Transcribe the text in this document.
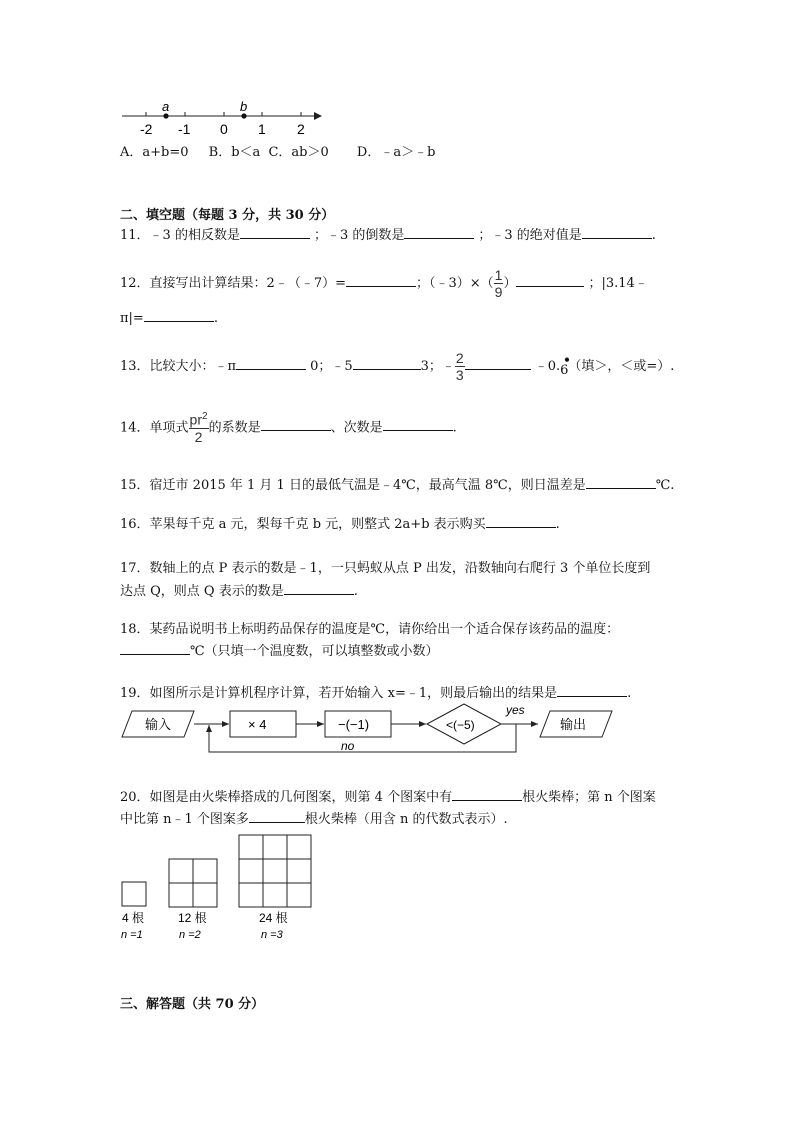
a	b
-2 -1 0 1 2
A．a+b=0 B．b＜a C．ab＞0 D．﹣a＞﹣b
二、填空题（每题 3 分，共 30 分）
11．﹣3 的相反数是	；﹣3 的倒数是	；﹣3 的绝对值是	.
12．直接写出计算结果：2﹣（﹣7）=	；（﹣3）×（ $\frac{1}{9}$ ）	；|3.14﹣
π|=	.
13．比较大小：﹣π	0；﹣5	3；﹣ $\frac{2}{3}$	﹣0. •
6（填＞，＜或=）.
14．单项式 $\frac{pr^2}{2}$ 的系数是	、次数是	.
15．宿迁市 2015 年 1 月 1 日的最低气温是﹣4℃，最高气温 8℃，则日温差是	℃.
16．苹果每千克 a 元，梨每千克 b 元，则整式 2a+b 表示购买	.
17．数轴上的点 P 表示的数是﹣1，一只蚂蚁从点 P 出发，沿数轴向右爬行 3 个单位长度到
达点 Q，则点 Q 表示的数是	.
18．某药品说明书上标明药品保存的温度是℃，请你给出一个适合保存该药品的温度：
℃（只填一个温度数，可以填整数或小数）
19．如图所示是计算机程序计算，若开始输入 x=﹣1，则最后输出的结果是	.
输入	× 4	−(−1)	<(−5)
yes
输出
no
20．如图是由火柴棒搭成的几何图案，则第 4 个图案中有	根火柴棒；第 n 个图案
中比第 n﹣1 个图案多	根火柴棒（用含 n 的代数式表示）.
4 根
n =1
12 根
n =2
24 根
n =3
三、解答题（共 70 分）
